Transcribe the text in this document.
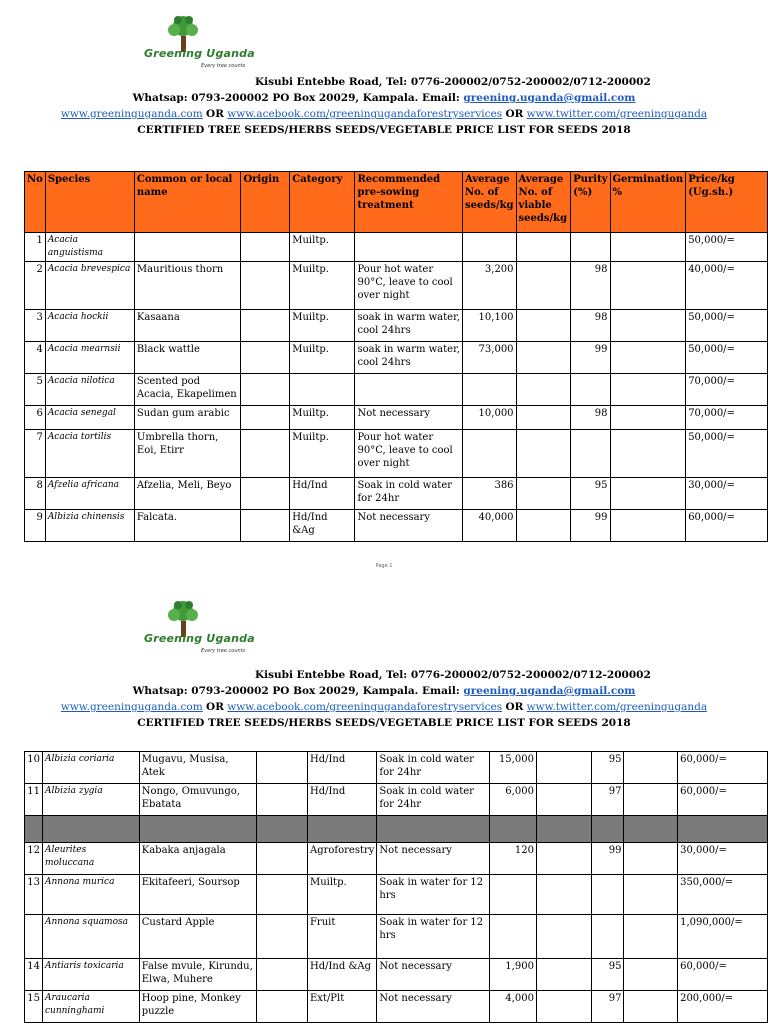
Greening Uganda
Every tree counts
Kisubi Entebbe Road, Tel: 0776-200002/0752-200002/0712-200002
Whatsap: 0793-200002 PO Box 20029, Kampala. Email: greening.uganda@gmail.com
www.greeninguganda.com OR www.acebook.com/greeningugandaforestryservices OR www.twitter.com/greeninguganda
CERTIFIED TREE SEEDS/HERBS SEEDS/VEGETABLE PRICE LIST FOR SEEDS 2018
No	Species	Common or local name	Origin	Category	Recommended pre-sowing treatment	Average No. of seeds/kg	Average No. of viable seeds/kg	Purity (%)	Germination %	Price/kg (Ug.sh.)
1	Acacia anguistisma			Muiltp.						50,000/=
2	Acacia brevespica	Mauritious thorn		Muiltp.	Pour hot water 90°C, leave to cool over night	3,200		98		40,000/=
3	Acacia hockii	Kasaana		Muiltp.	soak in warm water, cool 24hrs	10,100		98		50,000/=
4	Acacia mearnsii	Black wattle		Muiltp.	soak in warm water, cool 24hrs	73,000		99		50,000/=
5	Acacia nilotica	Scented pod Acacia, Ekapelimen								70,000/=
6	Acacia senegal	Sudan gum arabic		Muiltp.	Not necessary	10,000		98		70,000/=
7	Acacia tortilis	Umbrella thorn, Eoi, Etirr		Muiltp.	Pour hot water 90°C, leave to cool over night					50,000/=
8	Afzelia africana	Afzelia, Meli, Beyo		Hd/Ind	Soak in cold water for 24hr	386		95		30,000/=
9	Albizia chinensis	Falcata.		Hd/Ind &Ag	Not necessary	40,000		99		60,000/=
Page 1
Greening Uganda
Every tree counts
Kisubi Entebbe Road, Tel: 0776-200002/0752-200002/0712-200002
Whatsap: 0793-200002 PO Box 20029, Kampala. Email: greening.uganda@gmail.com
www.greeninguganda.com OR www.acebook.com/greeningugandaforestryservices OR www.twitter.com/greeninguganda
CERTIFIED TREE SEEDS/HERBS SEEDS/VEGETABLE PRICE LIST FOR SEEDS 2018
10	Albizia coriaria	Mugavu, Musisa, Atek		Hd/Ind	Soak in cold water for 24hr	15,000		95		60,000/=
11	Albizia zygia	Nongo, Omuvungo, Ebatata		Hd/Ind	Soak in cold water for 24hr	6,000		97		60,000/=

12	Aleurites moluccana	Kabaka anjagala		Agroforestry	Not necessary	120		99		30,000/=
13	Annona murica	Ekitafeeri, Soursop		Muiltp.	Soak in water for 12 hrs					350,000/=
	Annona squamosa	Custard Apple		Fruit	Soak in water for 12 hrs					1,090,000/=
14	Antiaris toxicaria	False mvule, Kirundu, Elwa, Muhere		Hd/Ind &Ag	Not necessary	1,900		95		60,000/=
15	Araucaria cunninghami	Hoop pine, Monkey puzzle		Ext/Plt	Not necessary	4,000		97		200,000/=
